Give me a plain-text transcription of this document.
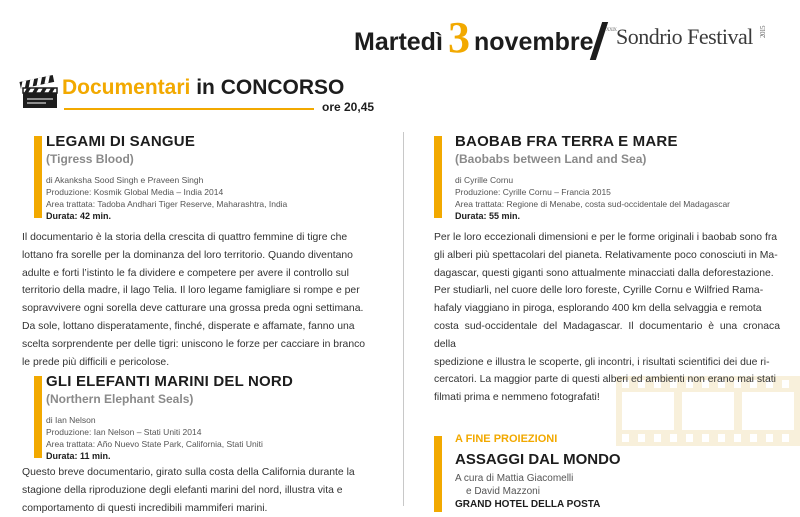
Martedì 3 novembre	XXIX Sondrio Festival 2015
Documentari in CONCORSO
ore 20,45
LEGAMI DI SANGUE
(Tigress Blood)
di Akanksha Sood Singh e Praveen Singh
Produzione: Kosmik Global Media – India 2014
Area trattata: Tadoba Andhari Tiger Reserve, Maharashtra, India
Durata: 42 min.
Il documentario è la storia della crescita di quattro femmine di tigre che
lottano fra sorelle per la dominanza del loro territorio. Quando diventano
adulte e forti l’istinto le fa dividere e competere per avere il controllo sul
territorio della madre, il lago Telia. Il loro legame famigliare si rompe e per
sopravvivere ogni sorella deve catturare una grossa preda ogni settimana.
Da sole, lottano disperatamente, finché, disperate e affamate, fanno una
scelta sorprendente per delle tigri: uniscono le forze per cacciare in branco
le prede più difficili e pericolose.
GLI ELEFANTI MARINI DEL NORD
(Northern Elephant Seals)
di Ian Nelson
Produzione: Ian Nelson – Stati Uniti 2014
Area trattata: Año Nuevo State Park, California, Stati Uniti
Durata: 11 min.
Questo breve documentario, girato sulla costa della California durante la
stagione della riproduzione degli elefanti marini del nord, illustra vita e
comportamento di questi incredibili mammiferi marini.
BAOBAB FRA TERRA E MARE
(Baobabs between Land and Sea)
di Cyrille Cornu
Produzione: Cyrille Cornu – Francia 2015
Area trattata: Regione di Menabe, costa sud-occidentale del Madagascar
Durata: 55 min.
Per le loro eccezionali dimensioni e per le forme originali i baobab sono fra
gli alberi più spettacolari del pianeta. Relativamente poco conosciuti in Ma-
dagascar, questi giganti sono attualmente minacciati dalla deforestazione.
Per studiarli, nel cuore delle loro foreste, Cyrille Cornu e Wilfried Rama-
hafaly viaggiano in piroga, esplorando 400 km della selvaggia e remota
costa sud-occidentale del Madagascar. Il documentario è una cronaca della
spedizione e illustra le scoperte, gli incontri, i risultati scientifici dei due ri-
cercatori. La maggior parte di questi alberi ed ambienti non erano mai stati
filmati prima e nemmeno fotografati!
A FINE PROIEZIONI
ASSAGGI DAL MONDO
A cura di Mattia Giacomelli
e David Mazzoni
GRAND HOTEL DELLA POSTA
